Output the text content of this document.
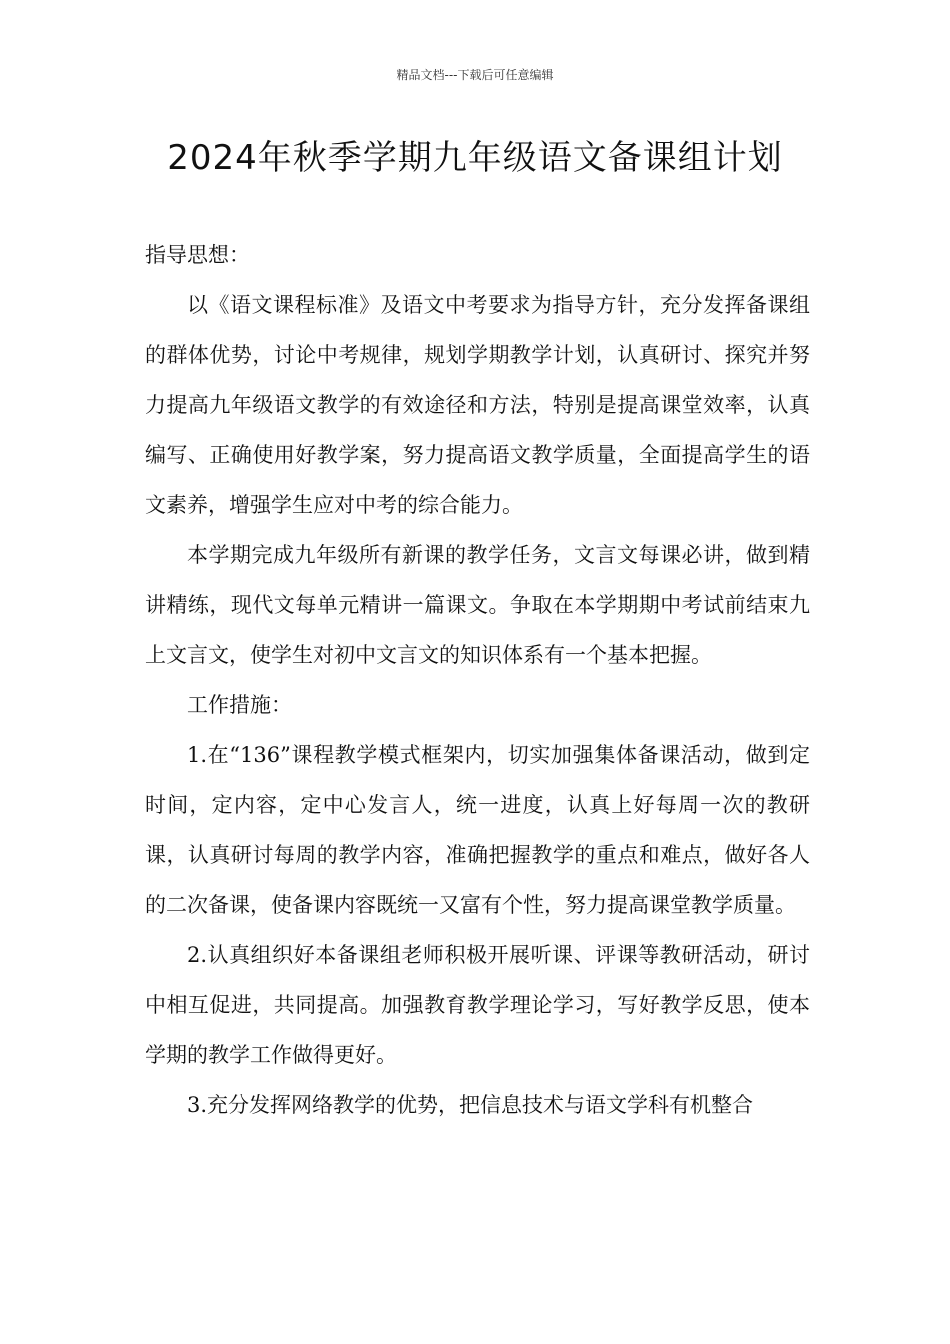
精品文档---下载后可任意编辑
2024年秋季学期九年级语文备课组计划

指导思想：

以《语文课程标准》及语文中考要求为指导方针，充分发挥备课组的群体优势，讨论中考规律，规划学期教学计划，认真研讨、探究并努力提高九年级语文教学的有效途径和方法，特别是提高课堂效率，认真编写、正确使用好教学案，努力提高语文教学质量，全面提高学生的语文素养，增强学生应对中考的综合能力。

本学期完成九年级所有新课的教学任务，文言文每课必讲，做到精讲精练，现代文每单元精讲一篇课文。争取在本学期期中考试前结束九上文言文，使学生对初中文言文的知识体系有一个基本把握。

工作措施：

1.在“136”课程教学模式框架内，切实加强集体备课活动，做到定时间，定内容，定中心发言人，统一进度，认真上好每周一次的教研课，认真研讨每周的教学内容，准确把握教学的重点和难点，做好各人的二次备课，使备课内容既统一又富有个性，努力提高课堂教学质量。

2.认真组织好本备课组老师积极开展听课、评课等教研活动，研讨中相互促进，共同提高。加强教育教学理论学习，写好教学反思，使本学期的教学工作做得更好。

3.充分发挥网络教学的优势，把信息技术与语文学科有机整合
